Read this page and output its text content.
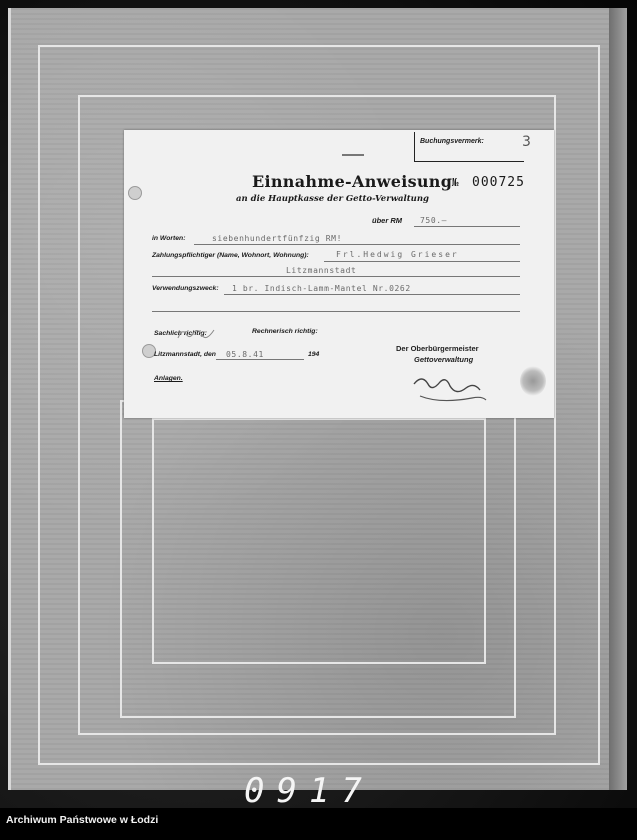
Buchungsvermerk:	3
Einnahme-Anweisung
an die Hauptkasse der Getto-Verwaltung
№ 000725
über RM 750.—
in Worten:	siebenhundertfünfzig RM!
Zahlungspflichtiger (Name, Wohnort, Wohnung):	Frl.Hedwig Grieser
Litzmannstadt
Verwendungszweck: 1 br. Indisch-Lamm-Mantel Nr.0262
Sachlich richtig:	Rechnerisch richtig:
Litzmannstadt, den 05.8.41	194
Anlagen.
Der Oberbürgermeister
Gettoverwaltung
0917
Archiwum Państwowe w Łodzi
